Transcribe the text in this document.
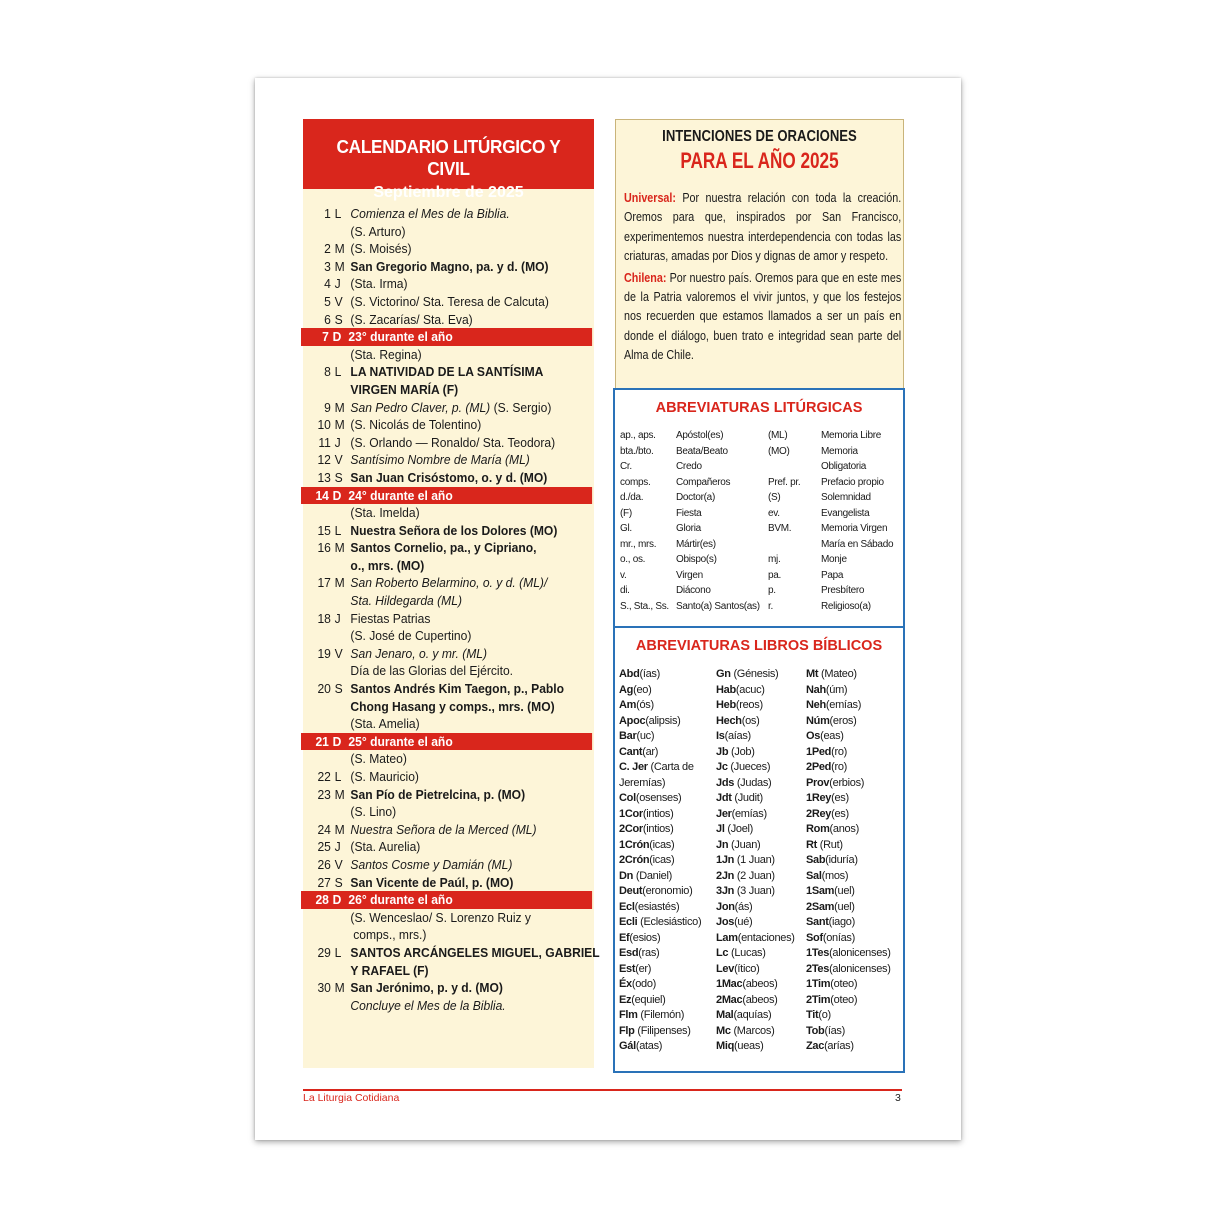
CALENDARIO LITÚRGICO Y CIVIL
Septiembre de 2025
1 L Comienza el Mes de la Biblia.
(S. Arturo)
2 M (S. Moisés)
3 M San Gregorio Magno, pa. y d. (MO)
4 J (Sta. Irma)
5 V (S. Victorino/ Sta. Teresa de Calcuta)
6 S (S. Zacarías/ Sta. Eva)
7 D 23° durante el año
(Sta. Regina)
8 L LA NATIVIDAD DE LA SANTÍSIMA
VIRGEN MARÍA (F)
9 M San Pedro Claver, p. (ML) (S. Sergio)
10 M (S. Nicolás de Tolentino)
11 J (S. Orlando — Ronaldo/ Sta. Teodora)
12 V Santísimo Nombre de María (ML)
13 S San Juan Crisóstomo, o. y d. (MO)
14 D 24° durante el año
(Sta. Imelda)
15 L Nuestra Señora de los Dolores (MO)
16 M Santos Cornelio, pa., y Cipriano,
o., mrs. (MO)
17 M San Roberto Belarmino, o. y d. (ML)/
Sta. Hildegarda (ML)
18 J Fiestas Patrias
(S. José de Cupertino)
19 V San Jenaro, o. y mr. (ML)
Día de las Glorias del Ejército.
20 S Santos Andrés Kim Taegon, p., Pablo
Chong Hasang y comps., mrs. (MO)
(Sta. Amelia)
21 D 25° durante el año
(S. Mateo)
22 L (S. Mauricio)
23 M San Pío de Pietrelcina, p. (MO)
(S. Lino)
24 M Nuestra Señora de la Merced (ML)
25 J (Sta. Aurelia)
26 V Santos Cosme y Damián (ML)
27 S San Vicente de Paúl, p. (MO)
28 D 26° durante el año
(S. Wenceslao/ S. Lorenzo Ruiz y
comps., mrs.)
29 L SANTOS ARCÁNGELES MIGUEL, GABRIEL
Y RAFAEL (F)
30 M San Jerónimo, p. y d. (MO)
Concluye el Mes de la Biblia.
INTENCIONES DE ORACIONES
PARA EL AÑO 2025
Universal: Por nuestra relación con toda la creación. Oremos para que, inspirados por San Francisco, experimentemos nuestra interdependencia con todas las criaturas, amadas por Dios y dignas de amor y respeto.
Chilena: Por nuestro país. Oremos para que en este mes de la Patria valoremos el vivir juntos, y que los festejos nos recuerden que estamos llamados a ser un país en donde el diálogo, buen trato e integridad sean parte del Alma de Chile.
ABREVIATURAS LITÚRGICAS
ap., aps.
bta./bto.
Cr.
comps.
d./da.
(F)
Gl.
mr., mrs.
o., os.
v.
di.
S., Sta., Ss.
Apóstol(es)
Beata/Beato
Credo
Compañeros
Doctor(a)
Fiesta
Gloria
Mártir(es)
Obispo(s)
Virgen
Diácono
Santo(a) Santos(as)
(ML)
(MO)

Pref. pr.
(S)
ev.
BVM.

mj.
pa.
p.
r.
Memoria Libre
Memoria
Obligatoria
Prefacio propio
Solemnidad
Evangelista
Memoria Virgen
María en Sábado
Monje
Papa
Presbítero
Religioso(a)
ABREVIATURAS LIBROS BÍBLICOS
Abd(ías)
Ag(eo)
Am(ós)
Apoc(alipsis)
Bar(uc)
Cant(ar)
C. Jer (Carta de
Jeremías)
Col(osenses)
1Cor(intios)
2Cor(intios)
1Crón(icas)
2Crón(icas)
Dn (Daniel)
Deut(eronomio)
Ecl(esiastés)
Ecli (Eclesiástico)
Ef(esios)
Esd(ras)
Est(er)
Éx(odo)
Ez(equiel)
Flm (Filemón)
Flp (Filipenses)
Gál(atas)
Gn (Génesis)
Hab(acuc)
Heb(reos)
Hech(os)
Is(aías)
Jb (Job)
Jc (Jueces)
Jds (Judas)
Jdt (Judit)
Jer(emías)
Jl (Joel)
Jn (Juan)
1Jn (1 Juan)
2Jn (2 Juan)
3Jn (3 Juan)
Jon(ás)
Jos(ué)
Lam(entaciones)
Lc (Lucas)
Lev(ítico)
1Mac(abeos)
2Mac(abeos)
Mal(aquías)
Mc (Marcos)
Miq(ueas)
Mt (Mateo)
Nah(úm)
Neh(emías)
Núm(eros)
Os(eas)
1Ped(ro)
2Ped(ro)
Prov(erbios)
1Rey(es)
2Rey(es)
Rom(anos)
Rt (Rut)
Sab(iduría)
Sal(mos)
1Sam(uel)
2Sam(uel)
Sant(iago)
Sof(onías)
1Tes(alonicenses)
2Tes(alonicenses)
1Tim(oteo)
2Tim(oteo)
Tit(o)
Tob(ías)
Zac(arías)
La Liturgia Cotidiana	3
